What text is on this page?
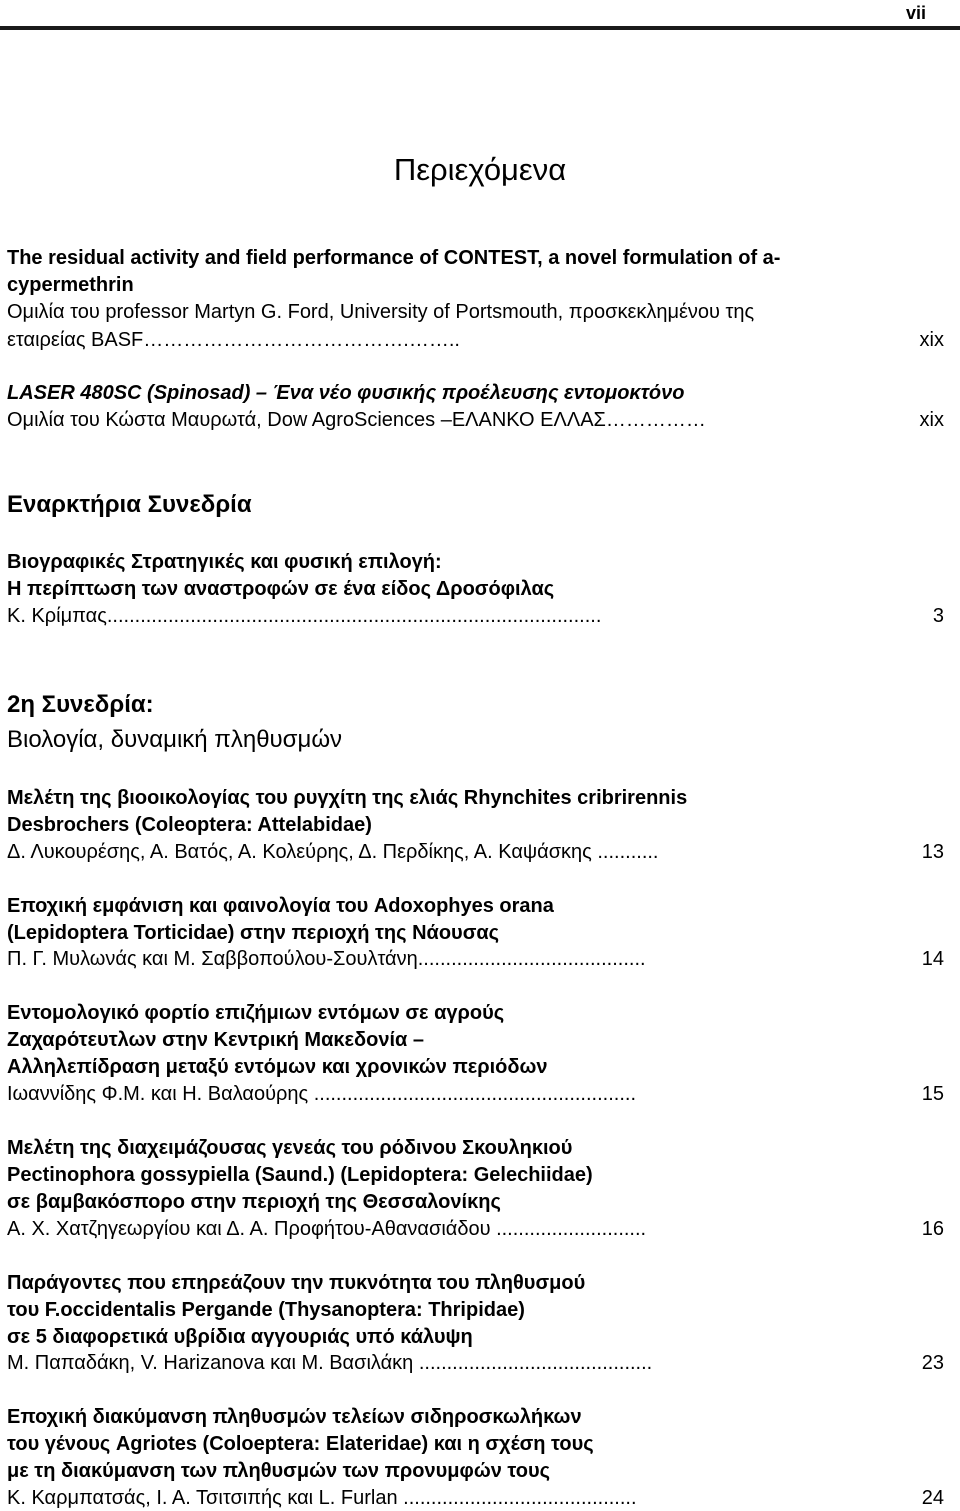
vii
Περιεχόμενα
The residual activity and field performance of CONTEST, a novel formulation of a-
cypermethrin
Ομιλία του professor Martyn G. Ford, University of Portsmouth, προσκεκλημένου της
εταιρείας BASF………………………………….……..	xix
LASER 480SC (Spinosad) – Ένα νέο φυσικής προέλευσης εντομοκτόνο
Ομιλία του Κώστα Μαυρωτά, Dow AgroSciences –ΕΛΑΝΚΟ ΕΛΛΑΣ……………	xix
Εναρκτήρια Συνεδρία
Βιογραφικές Στρατηγικές και φυσική επιλογή:
Η περίπτωση των αναστροφών σε ένα είδος Δροσόφιλας
Κ. Κρίμπας.........................................................................................	3
2η Συνεδρία:
Βιολογία, δυναμική πληθυσμών
Μελέτη της βιοοικολογίας του ρυγχίτη της ελιάς Rhynchites cribrirennis
Desbrochers (Coleoptera: Attelabidae)
Δ. Λυκουρέσης, Α. Βατός, Α. Κολεύρης, Δ. Περδίκης, Α. Καψάσκης ...........	13
Εποχική εμφάνιση και φαινολογία του Adoxophyes orana
(Lepidoptera Torticidae) στην περιοχή της Νάουσας
Π. Γ. Μυλωνάς και Μ. Σαββοπούλου-Σουλτάνη.........................................	14
Εντομολογικό φορτίο επιζήμιων εντόμων σε αγρούς
Ζαχαρότευτλων στην Κεντρική Μακεδονία –
Αλληλεπίδραση μεταξύ εντόμων και χρονικών περιόδων
Ιωαννίδης Φ.Μ. και Η. Βαλαούρης ..........................................................	15
Μελέτη της διαχειμάζουσας γενεάς του ρόδινου Σκουληκιού
Pectinophora gossypiella (Saund.) (Lepidoptera: Gelechiidae)
σε βαμβακόσπορο στην περιοχή της Θεσσαλονίκης
Α. Χ. Χατζηγεωργίου και Δ. Α. Προφήτου-Αθανασιάδου ...........................	16
Παράγοντες που επηρεάζουν την πυκνότητα του πληθυσμού
του F.occidentalis Pergande (Thysanoptera: Thripidae)
σε 5 διαφορετικά υβρίδια αγγουριάς υπό κάλυψη
Μ. Παπαδάκη, V. Harizanova και Μ. Βασιλάκη ..........................................	23
Εποχική διακύμανση πληθυσμών τελείων σιδηροσκωλήκων
του γένους Agriotes (Coloeptera: Elateridae) και η σχέση τους
με τη διακύμανση των πληθυσμών των προνυμφών τους
Κ. Καρμπατσάς, Ι. Α. Τσιτσιπής και L. Furlan ..........................................	24
